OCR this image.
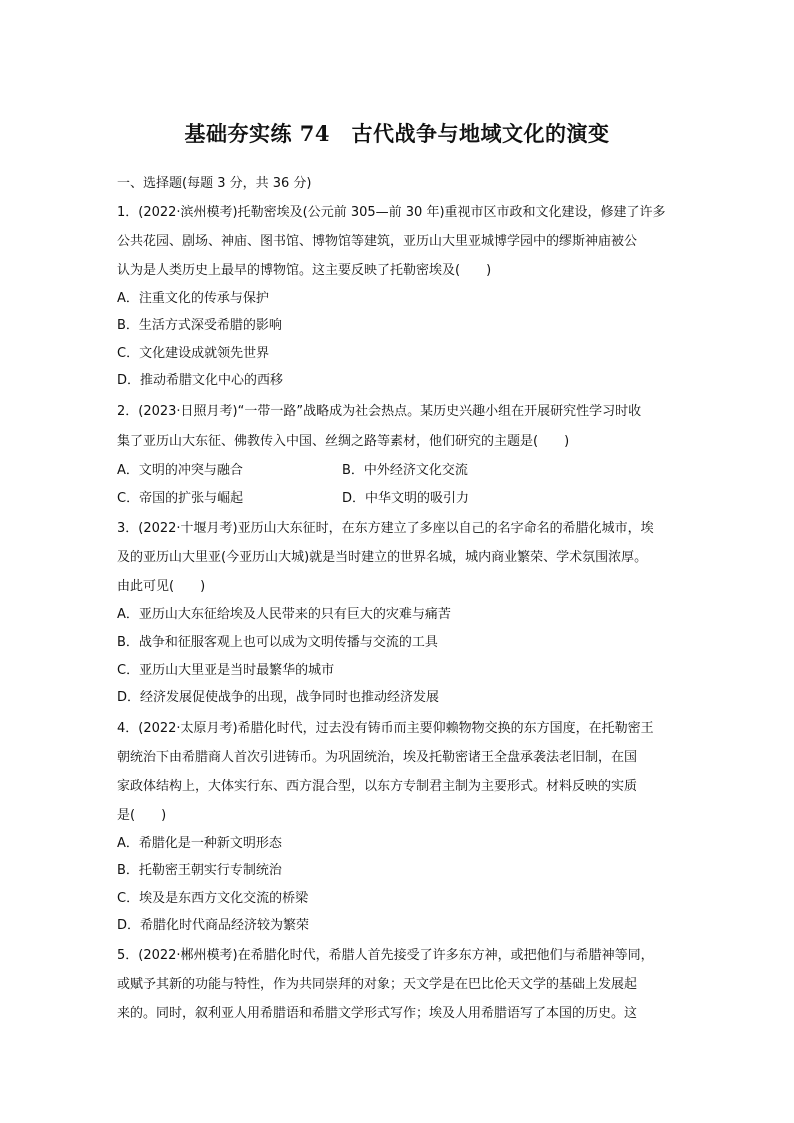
基础夯实练 74　古代战争与地域文化的演变
一、选择题(每题 3 分，共 36 分)
1．(2022·滨州模考)托勒密埃及(公元前 305—前 30 年)重视市区市政和文化建设，修建了许多
公共花园、剧场、神庙、图书馆、博物馆等建筑，亚历山大里亚城博学园中的缪斯神庙被公
认为是人类历史上最早的博物馆。这主要反映了托勒密埃及(　　)
A．注重文化的传承与保护
B．生活方式深受希腊的影响
C．文化建设成就领先世界
D．推动希腊文化中心的西移
2．(2023·日照月考)“一带一路”战略成为社会热点。某历史兴趣小组在开展研究性学习时收
集了亚历山大东征、佛教传入中国、丝绸之路等素材，他们研究的主题是(　　)
A．文明的冲突与融合	B．中外经济文化交流
C．帝国的扩张与崛起	D．中华文明的吸引力
3．(2022·十堰月考)亚历山大东征时，在东方建立了多座以自己的名字命名的希腊化城市，埃
及的亚历山大里亚(今亚历山大城)就是当时建立的世界名城，城内商业繁荣、学术氛围浓厚。
由此可见(　　)
A．亚历山大东征给埃及人民带来的只有巨大的灾难与痛苦
B．战争和征服客观上也可以成为文明传播与交流的工具
C．亚历山大里亚是当时最繁华的城市
D．经济发展促使战争的出现，战争同时也推动经济发展
4．(2022·太原月考)希腊化时代，过去没有铸币而主要仰赖物物交换的东方国度，在托勒密王
朝统治下由希腊商人首次引进铸币。为巩固统治，埃及托勒密诸王全盘承袭法老旧制，在国
家政体结构上，大体实行东、西方混合型，以东方专制君主制为主要形式。材料反映的实质
是(　　)
A．希腊化是一种新文明形态
B．托勒密王朝实行专制统治
C．埃及是东西方文化交流的桥梁
D．希腊化时代商品经济较为繁荣
5．(2022·郴州模考)在希腊化时代，希腊人首先接受了许多东方神，或把他们与希腊神等同，
或赋予其新的功能与特性，作为共同崇拜的对象；天文学是在巴比伦天文学的基础上发展起
来的。同时，叙利亚人用希腊语和希腊文学形式写作；埃及人用希腊语写了本国的历史。这
